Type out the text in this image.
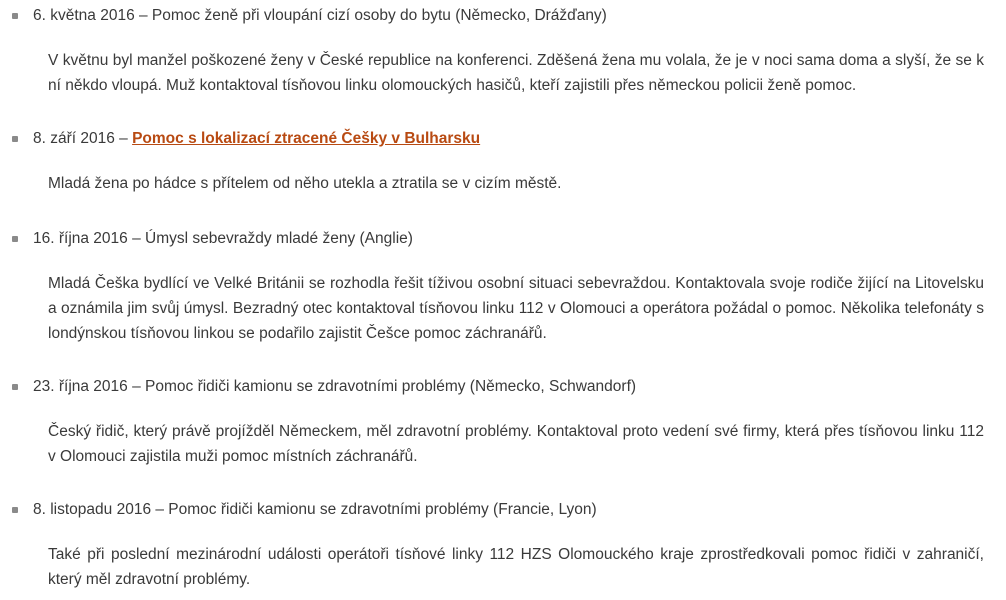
6. května 2016 – Pomoc ženě při vloupání cizí osoby do bytu (Německo, Drážďany)

V květnu byl manžel poškozené ženy v České republice na konferenci. Zděšená žena mu volala, že je v noci sama doma a slyší, že se k ní někdo vloupá. Muž kontaktoval tísňovou linku olomouckých hasičů, kteří zajistili přes německou policii ženě pomoc.

8. září 2016 – Pomoc s lokalizací ztracené Češky v Bulharsku

Mladá žena po hádce s přítelem od něho utekla a ztratila se v cizím městě.

16. října 2016 – Úmysl sebevraždy mladé ženy (Anglie)

Mladá Češka bydlící ve Velké Británii se rozhodla řešit tíživou osobní situaci sebevraždou. Kontaktovala svoje rodiče žijící na Litovelsku a oznámila jim svůj úmysl. Bezradný otec kontaktoval tísňovou linku 112 v Olomouci a operátora požádal o pomoc. Několika telefonáty s londýnskou tísňovou linkou se podařilo zajistit Češce pomoc záchranářů.

23. října 2016 – Pomoc řidiči kamionu se zdravotními problémy (Německo, Schwandorf)

Český řidič, který právě projížděl Německem, měl zdravotní problémy. Kontaktoval proto vedení své firmy, která přes tísňovou linku 112 v Olomouci zajistila muži pomoc místních záchranářů.

8. listopadu 2016 – Pomoc řidiči kamionu se zdravotními problémy (Francie, Lyon)

Také při poslední mezinárodní události operátoři tísňové linky 112 HZS Olomouckého kraje zprostředkovali pomoc řidiči v zahraničí, který měl zdravotní problémy.
